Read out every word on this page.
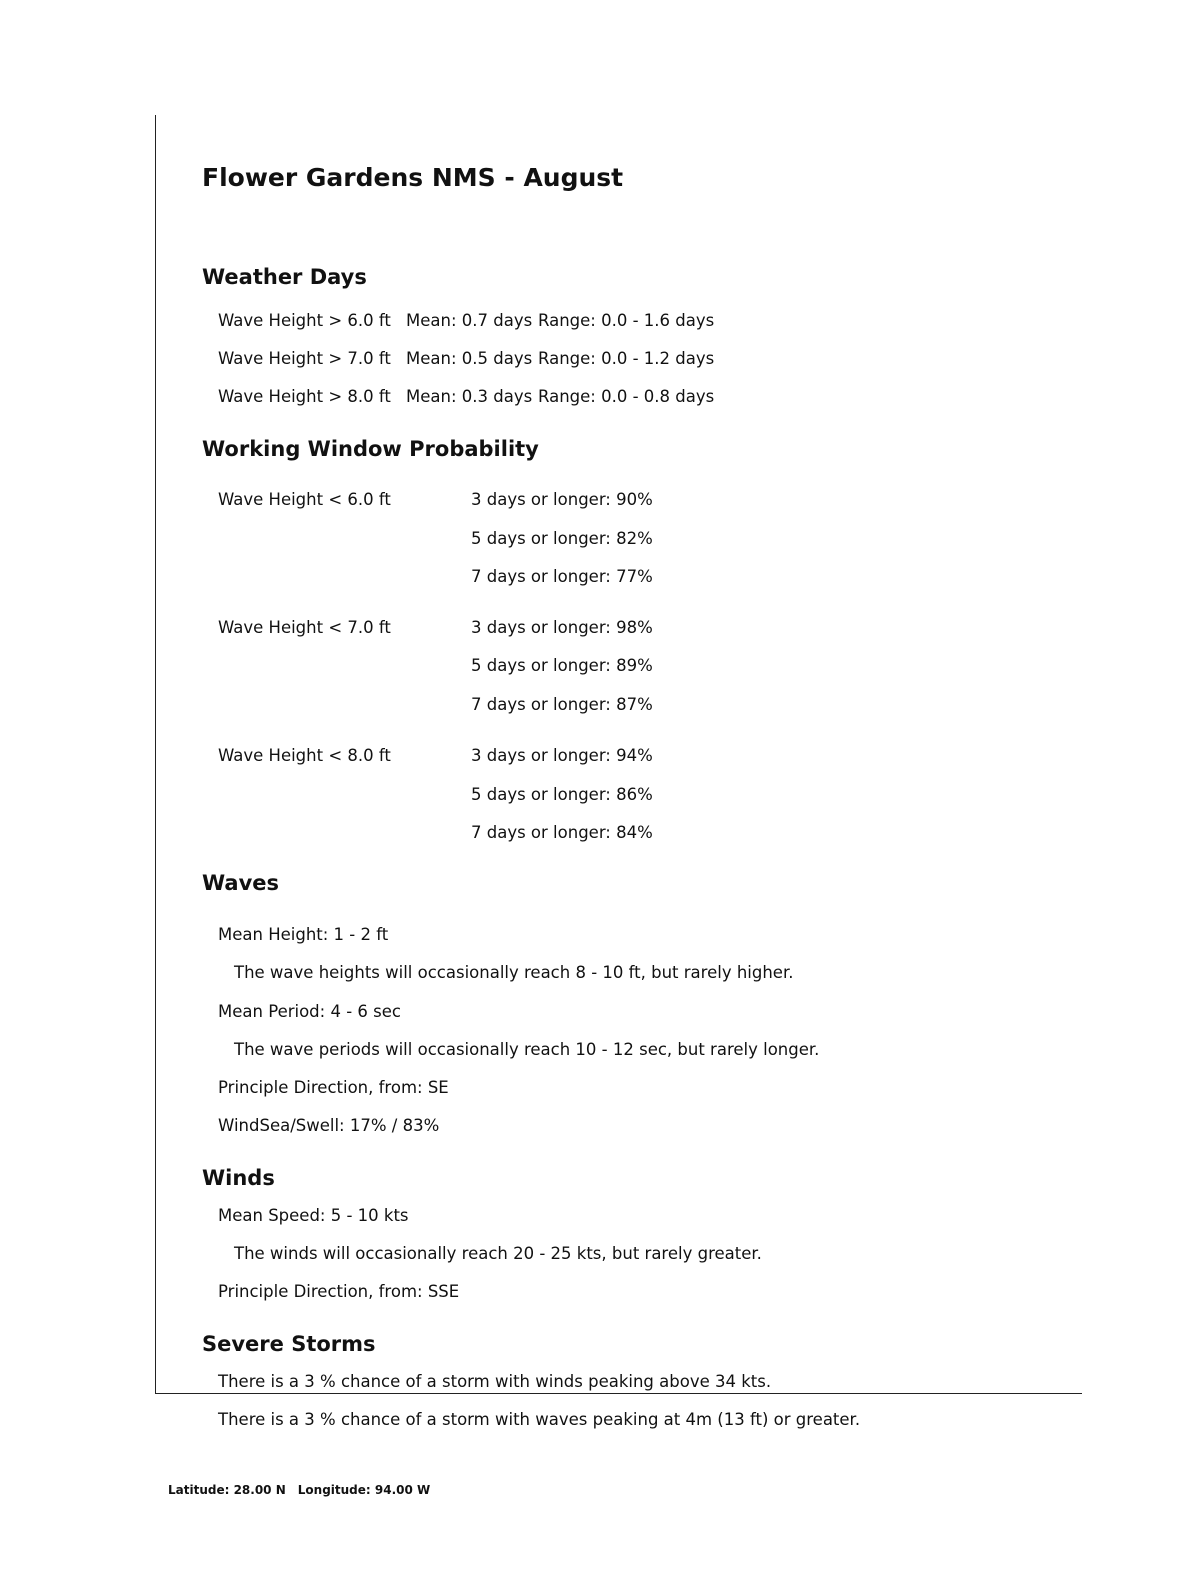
Flower Gardens NMS - August
Weather Days
Wave Height > 6.0 ft Mean: 0.7 days Range: 0.0 - 1.6 days
Wave Height > 7.0 ft Mean: 0.5 days Range: 0.0 - 1.2 days
Wave Height > 8.0 ft Mean: 0.3 days Range: 0.0 - 0.8 days
Working Window Probability
Wave Height < 6.0 ft	3 days or longer: 90%
5 days or longer: 82%
7 days or longer: 77%
Wave Height < 7.0 ft	3 days or longer: 98%
5 days or longer: 89%
7 days or longer: 87%
Wave Height < 8.0 ft	3 days or longer: 94%
5 days or longer: 86%
7 days or longer: 84%
Waves
Mean Height: 1 - 2 ft
The wave heights will occasionally reach 8 - 10 ft, but rarely higher.
Mean Period: 4 - 6 sec
The wave periods will occasionally reach 10 - 12 sec, but rarely longer.
Principle Direction, from: SE
WindSea/Swell: 17% / 83%
Winds
Mean Speed: 5 - 10 kts
The winds will occasionally reach 20 - 25 kts, but rarely greater.
Principle Direction, from: SSE
Severe Storms
There is a 3 % chance of a storm with winds peaking above 34 kts.
There is a 3 % chance of a storm with waves peaking at 4m (13 ft) or greater.
Latitude: 28.00 N Longitude: 94.00 W
